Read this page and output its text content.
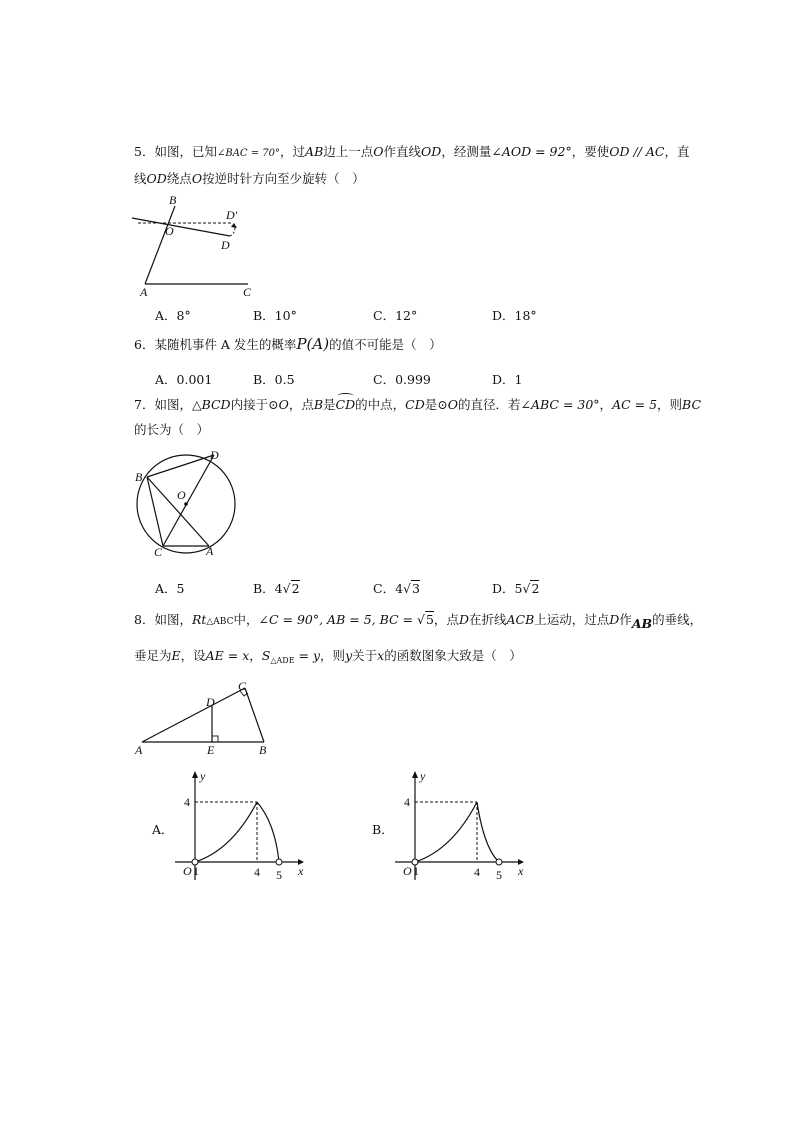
5．如图，已知∠BAC = 70°，过AB边上一点O作直线OD，经测量∠AOD = 92°，要使OD // AC，直
线OD绕点O按逆时针方向至少旋转（　）
B
O
D′
D
A	C
A．8°	B．10°	C．12°	D．18°
6．某随机事件 A 发生的概率P(A)的值不可能是（　）
A．0.001	B．0.5	C．0.999	D．1
7．如图，△BCD内接于⊙O，点B是CD的中点，CD是⊙O的直径．若∠ABC = 30°，AC = 5，则BC
的长为（　）
B
D
O
C	A
A．5	B．4√2	C．4√3	D．5√2
8．如图，Rt△ABC中，∠C = 90°, AB = 5, BC = √5，点D在折线ACB上运动，过点D作AB的垂线，
垂足为E，设AE = x，$S_{\triangle ADE} = y$，则y关于x的函数图象大致是（　）
A	B
C
D
E
A．
y
x
4
O 1	4 5
B．
y
x
4
O 1	4 5
